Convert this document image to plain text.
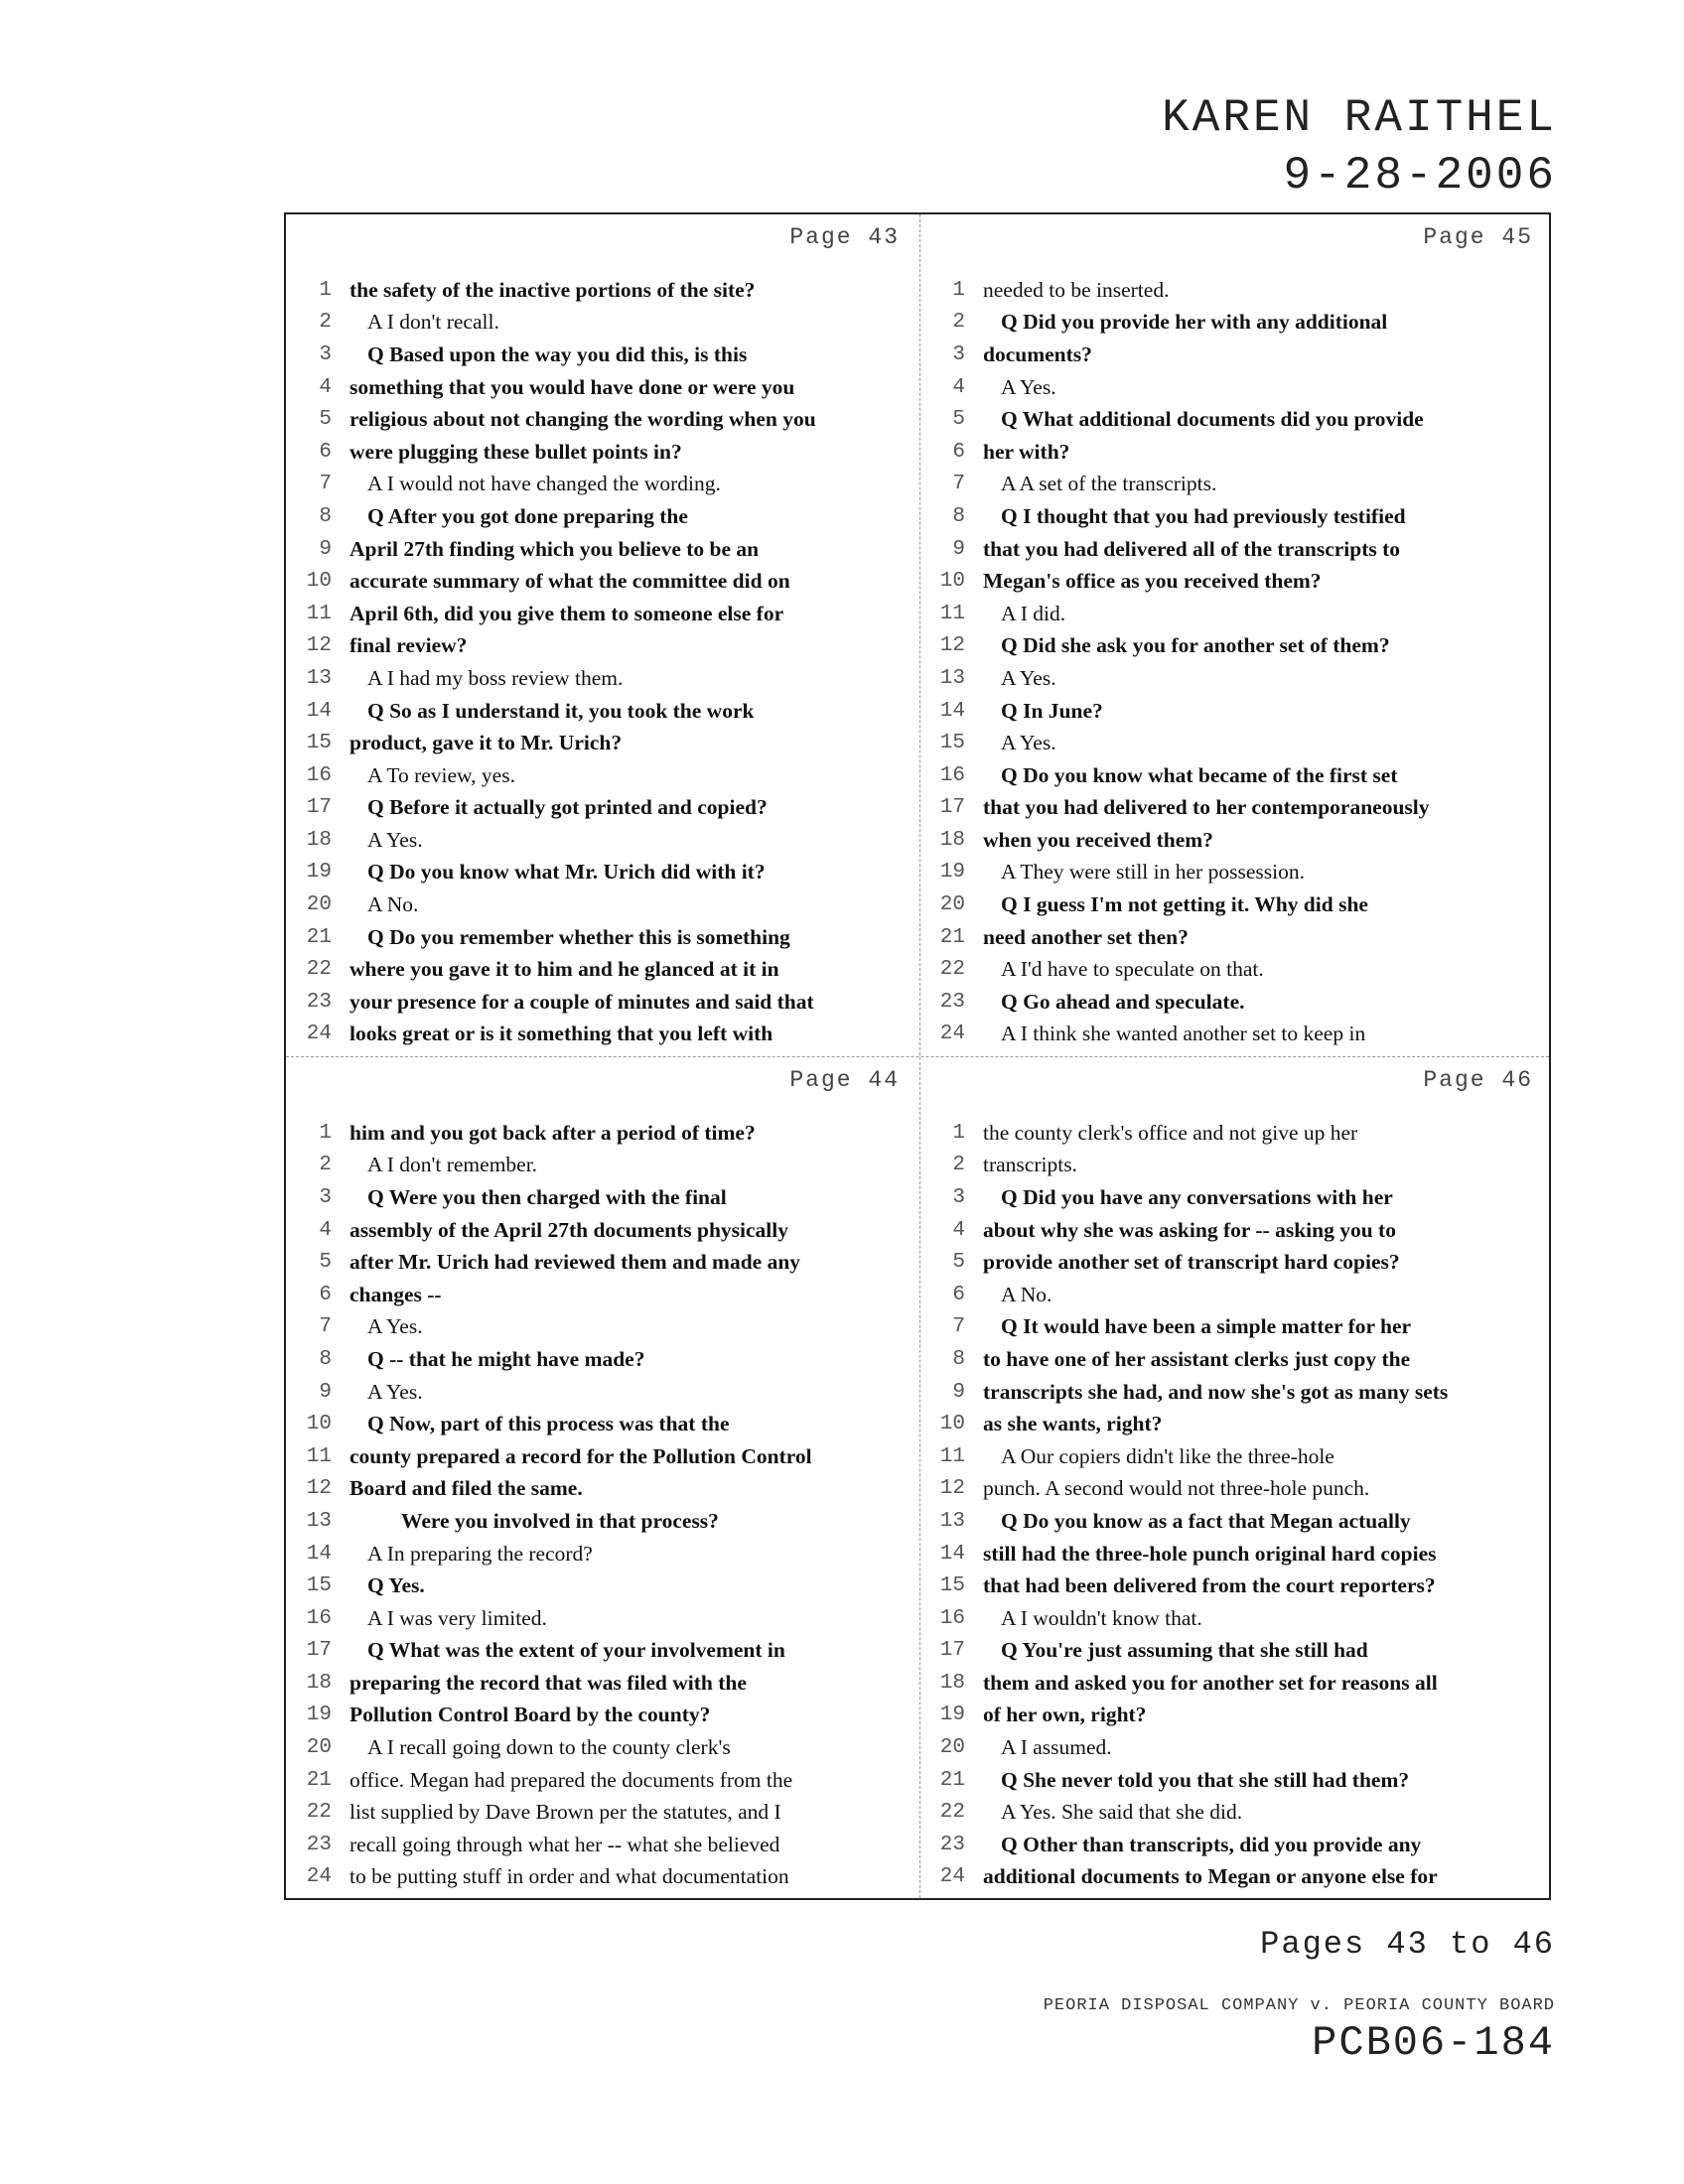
KAREN RAITHEL
9-28-2006
Page 43
1 the safety of the inactive portions of the site?
2	A I don't recall.
3	Q Based upon the way you did this, is this
4 something that you would have done or were you
5 religious about not changing the wording when you
6 were plugging these bullet points in?
7	A I would not have changed the wording.
8	Q After you got done preparing the
9 April 27th finding which you believe to be an
10 accurate summary of what the committee did on
11 April 6th, did you give them to someone else for
12 final review?
13	A I had my boss review them.
14	Q So as I understand it, you took the work
15 product, gave it to Mr. Urich?
16	A To review, yes.
17	Q Before it actually got printed and copied?
18	A Yes.
19	Q Do you know what Mr. Urich did with it?
20	A No.
21	Q Do you remember whether this is something
22 where you gave it to him and he glanced at it in
23 your presence for a couple of minutes and said that
24 looks great or is it something that you left with
Page 45
1 needed to be inserted.
2	Q Did you provide her with any additional
3 documents?
4	A Yes.
5	Q What additional documents did you provide
6 her with?
7	A A set of the transcripts.
8	Q I thought that you had previously testified
9 that you had delivered all of the transcripts to
10 Megan's office as you received them?
11	A I did.
12	Q Did she ask you for another set of them?
13	A Yes.
14	Q In June?
15	A Yes.
16	Q Do you know what became of the first set
17 that you had delivered to her contemporaneously
18 when you received them?
19	A They were still in her possession.
20	Q I guess I'm not getting it. Why did she
21 need another set then?
22	A I'd have to speculate on that.
23	Q Go ahead and speculate.
24	A I think she wanted another set to keep in
Page 44
1 him and you got back after a period of time?
2	A I don't remember.
3	Q Were you then charged with the final
4 assembly of the April 27th documents physically
5 after Mr. Urich had reviewed them and made any
6 changes --
7	A Yes.
8	Q -- that he might have made?
9	A Yes.
10	Q Now, part of this process was that the
11 county prepared a record for the Pollution Control
12 Board and filed the same.
13	Were you involved in that process?
14	A In preparing the record?
15	Q Yes.
16	A I was very limited.
17	Q What was the extent of your involvement in
18 preparing the record that was filed with the
19 Pollution Control Board by the county?
20	A I recall going down to the county clerk's
21 office. Megan had prepared the documents from the
22 list supplied by Dave Brown per the statutes, and I
23 recall going through what her -- what she believed
24 to be putting stuff in order and what documentation
Page 46
1 the county clerk's office and not give up her
2 transcripts.
3	Q Did you have any conversations with her
4 about why she was asking for -- asking you to
5 provide another set of transcript hard copies?
6	A No.
7	Q It would have been a simple matter for her
8 to have one of her assistant clerks just copy the
9 transcripts she had, and now she's got as many sets
10 as she wants, right?
11	A Our copiers didn't like the three-hole
12 punch. A second would not three-hole punch.
13	Q Do you know as a fact that Megan actually
14 still had the three-hole punch original hard copies
15 that had been delivered from the court reporters?
16	A I wouldn't know that.
17	Q You're just assuming that she still had
18 them and asked you for another set for reasons all
19 of her own, right?
20	A I assumed.
21	Q She never told you that she still had them?
22	A Yes. She said that she did.
23	Q Other than transcripts, did you provide any
24 additional documents to Megan or anyone else for
Pages 43 to 46
PEORIA DISPOSAL COMPANY v. PEORIA COUNTY BOARD
PCB06-184
